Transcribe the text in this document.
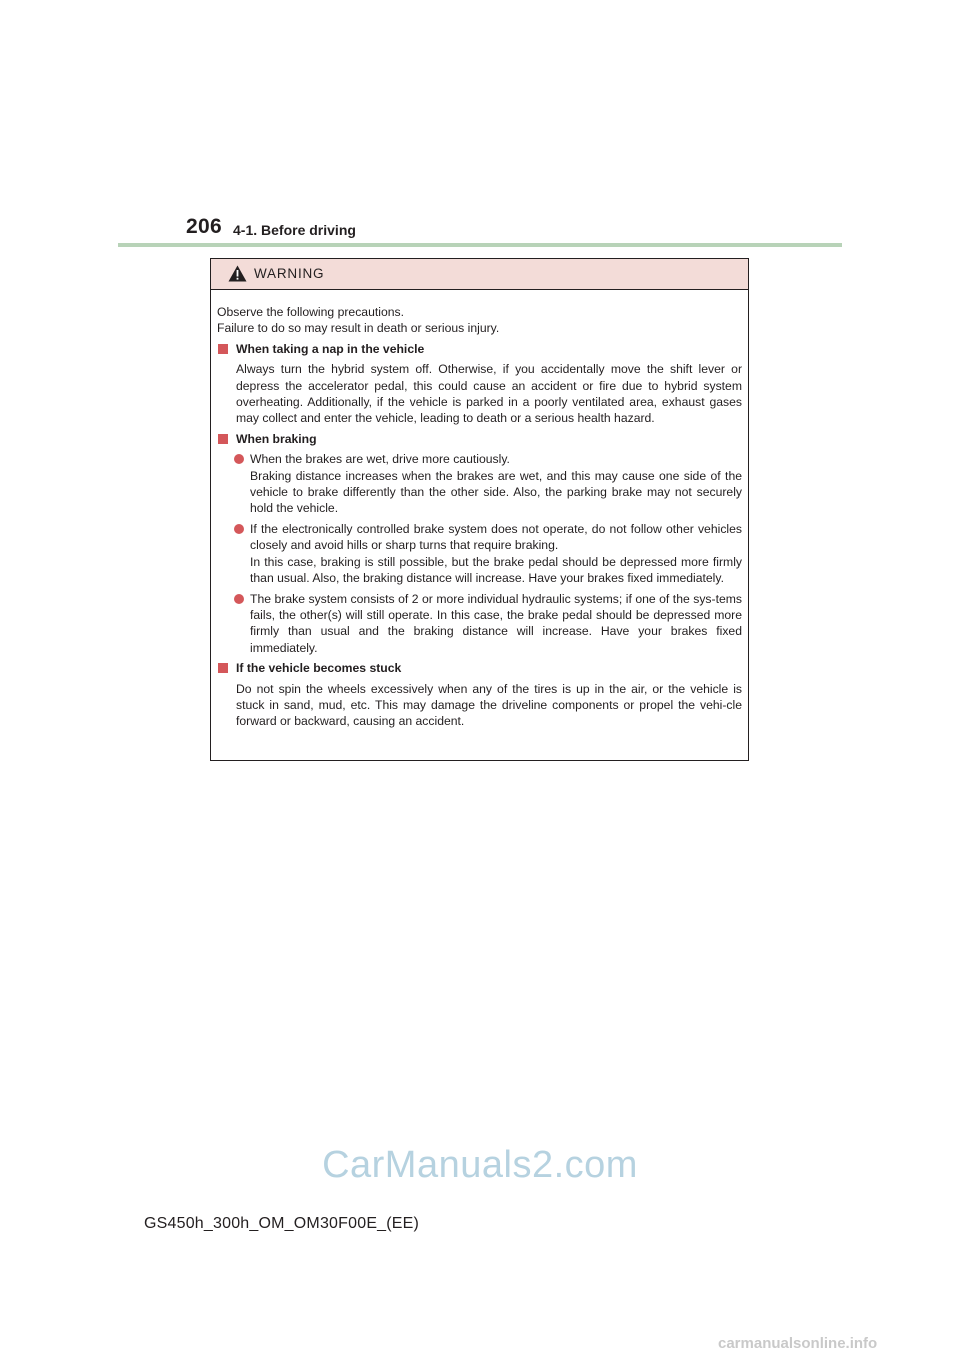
206 4-1. Before driving
WARNING

Observe the following precautions.

Failure to do so may result in death or serious injury.

When taking a nap in the vehicle

Always turn the hybrid system off. Otherwise, if you accidentally move the shift lever or depress the accelerator pedal, this could cause an accident or fire due to hybrid system overheating. Additionally, if the vehicle is parked in a poorly ventilated area, exhaust gases may collect and enter the vehicle, leading to death or a serious health hazard.

When braking

When the brakes are wet, drive more cautiously.

Braking distance increases when the brakes are wet, and this may cause one side of the vehicle to brake differently than the other side. Also, the parking brake may not securely hold the vehicle.

If the electronically controlled brake system does not operate, do not follow other vehicles closely and avoid hills or sharp turns that require braking.

In this case, braking is still possible, but the brake pedal should be depressed more firmly than usual. Also, the braking distance will increase. Have your brakes fixed immediately.

The brake system consists of 2 or more individual hydraulic systems; if one of the sys-tems fails, the other(s) will still operate. In this case, the brake pedal should be depressed more firmly than usual and the braking distance will increase. Have your brakes fixed immediately.

If the vehicle becomes stuck

Do not spin the wheels excessively when any of the tires is up in the air, or the vehicle is stuck in sand, mud, etc. This may damage the driveline components or propel the vehi-cle forward or backward, causing an accident.

CarManuals2.com
GS450h_300h_OM_OM30F00E_(EE)
carmanualsonline.info
